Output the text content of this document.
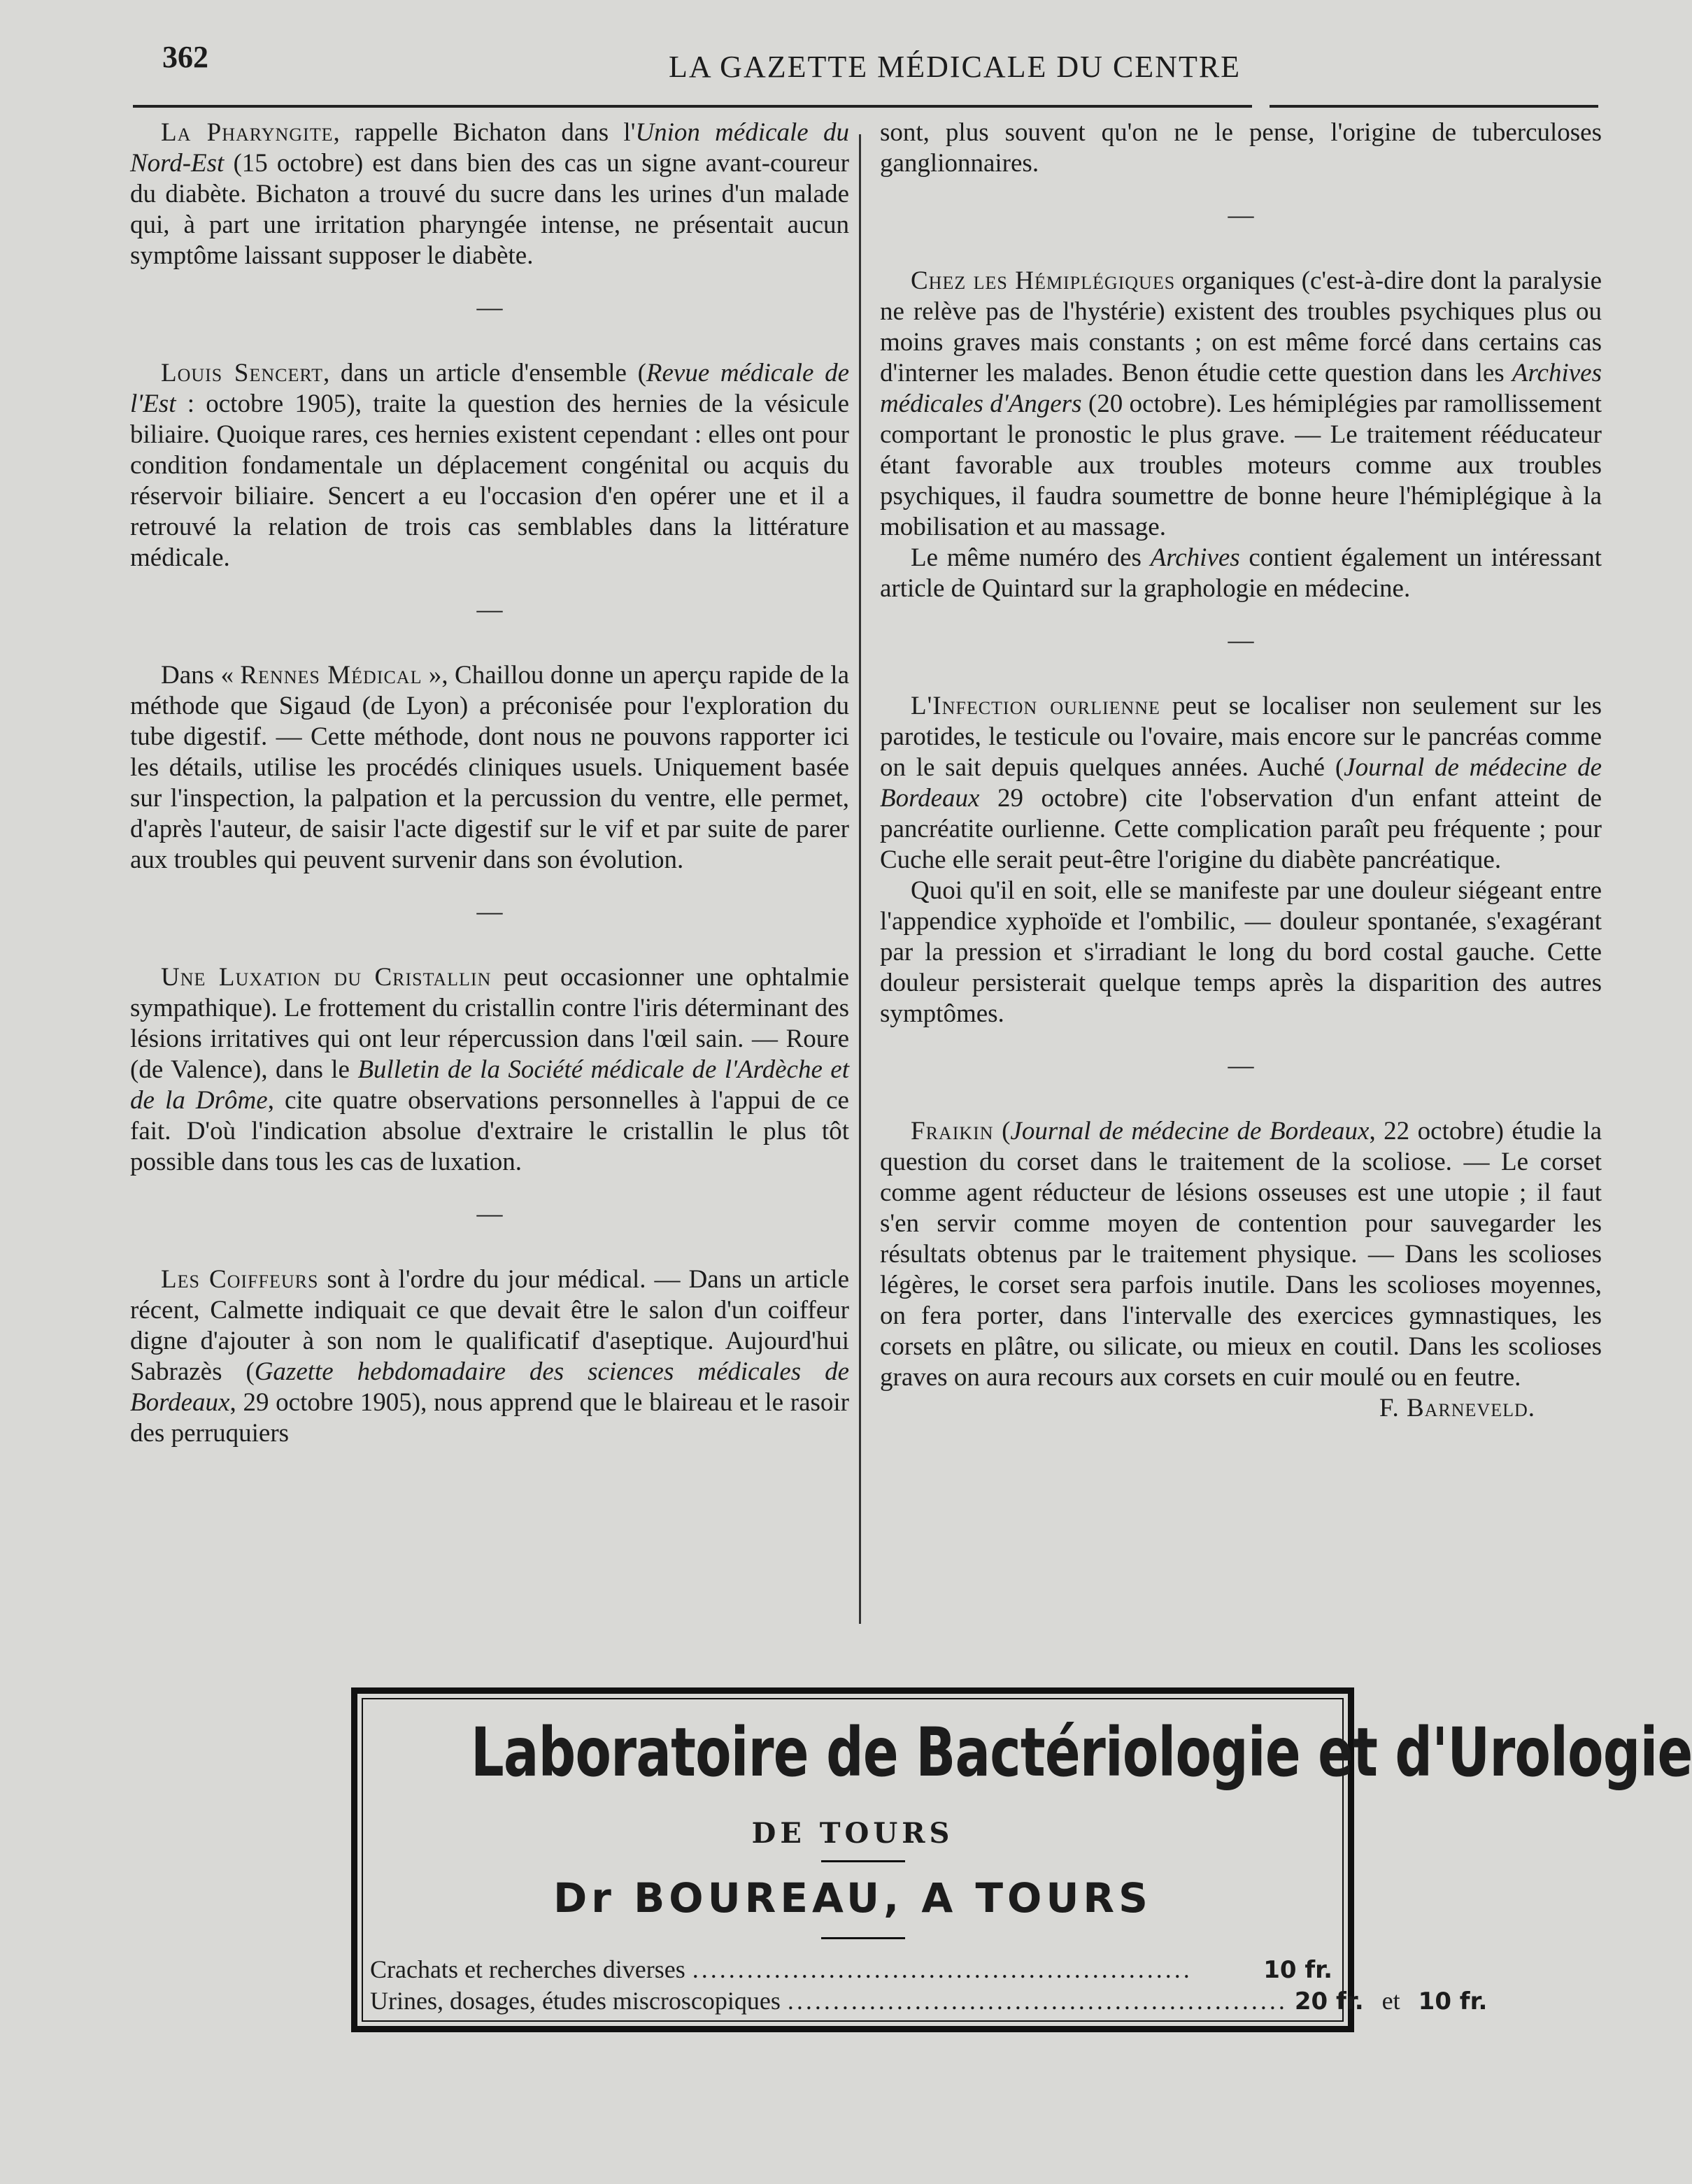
362	LA GAZETTE MÉDICALE DU CENTRE

La Pharyngite, rappelle Bichaton dans l'Union médicale du Nord-Est (15 octobre) est dans bien des cas un signe avant-coureur du diabète. Bichaton a trouvé du sucre dans les urines d'un malade qui, à part une irritation pharyngée intense, ne présentait aucun symptôme laissant supposer le diabète.

—

Louis Sencert, dans un article d'ensemble (Revue médicale de l'Est : octobre 1905), traite la question des hernies de la vésicule biliaire. Quoique rares, ces hernies existent cependant : elles ont pour condition fondamentale un déplacement congénital ou acquis du réservoir biliaire. Sencert a eu l'occasion d'en opérer une et il a retrouvé la relation de trois cas semblables dans la littérature médicale.

—

Dans « Rennes Médical », Chaillou donne un aperçu rapide de la méthode que Sigaud (de Lyon) a préconisée pour l'exploration du tube digestif. — Cette méthode, dont nous ne pouvons rapporter ici les détails, utilise les procédés cliniques usuels. Uniquement basée sur l'inspection, la palpation et la percussion du ventre, elle permet, d'après l'auteur, de saisir l'acte digestif sur le vif et par suite de parer aux troubles qui peuvent survenir dans son évolution.

—

Une Luxation du Cristallin peut occasionner une ophtalmie sympathique). Le frottement du cristallin contre l'iris déterminant des lésions irritatives qui ont leur répercussion dans l'œil sain. — Roure (de Valence), dans le Bulletin de la Société médicale de l'Ardèche et de la Drôme, cite quatre observations personnelles à l'appui de ce fait. D'où l'indication absolue d'extraire le cristallin le plus tôt possible dans tous les cas de luxation.

—

Les Coiffeurs sont à l'ordre du jour médical. — Dans un article récent, Calmette indiquait ce que devait être le salon d'un coiffeur digne d'ajouter à son nom le qualificatif d'aseptique. Aujourd'hui Sabrazès (Gazette hebdomadaire des sciences médicales de Bordeaux, 29 octobre 1905), nous apprend que le blaireau et le rasoir des perruquiers

sont, plus souvent qu'on ne le pense, l'origine de tuberculoses ganglionnaires.

—

Chez les Hémiplégiques organiques (c'est-à-dire dont la paralysie ne relève pas de l'hystérie) existent des troubles psychiques plus ou moins graves mais constants ; on est même forcé dans certains cas d'interner les malades. Benon étudie cette question dans les Archives médicales d'Angers (20 octobre). Les hémiplégies par ramollissement comportant le pronostic le plus grave. — Le traitement rééducateur étant favorable aux troubles moteurs comme aux troubles psychiques, il faudra soumettre de bonne heure l'hémiplégique à la mobilisation et au massage.

Le même numéro des Archives contient également un intéressant article de Quintard sur la graphologie en médecine.

—

L'Infection ourlienne peut se localiser non seulement sur les parotides, le testicule ou l'ovaire, mais encore sur le pancréas comme on le sait depuis quelques années. Auché (Journal de médecine de Bordeaux 29 octobre) cite l'observation d'un enfant atteint de pancréatite ourlienne. Cette complication paraît peu fréquente ; pour Cuche elle serait peut-être l'origine du diabète pancréatique.

Quoi qu'il en soit, elle se manifeste par une douleur siégeant entre l'appendice xyphoïde et l'ombilic, — douleur spontanée, s'exagérant par la pression et s'irradiant le long du bord costal gauche. Cette douleur persisterait quelque temps après la disparition des autres symptômes.

—

Fraikin (Journal de médecine de Bordeaux, 22 octobre) étudie la question du corset dans le traitement de la scoliose. — Le corset comme agent réducteur de lésions osseuses est une utopie ; il faut s'en servir comme moyen de contention pour sauvegarder les résultats obtenus par le traitement physique. — Dans les scolioses légères, le corset sera parfois inutile. Dans les scolioses moyennes, on fera porter, dans l'intervalle des exercices gymnastiques, les corsets en plâtre, ou silicate, ou mieux en coutil. Dans les scolioses graves on aura recours aux corsets en cuir moulé ou en feutre.

F. Barneveld.

Laboratoire de Bactériologie et d'Urologie
DE TOURS
Dr BOUREAU, A TOURS
Crachats et recherches diverses .......................................................	10 fr.
Urines, dosages, études miscroscopiques ....................................................... 20 fr. et 10 fr.
